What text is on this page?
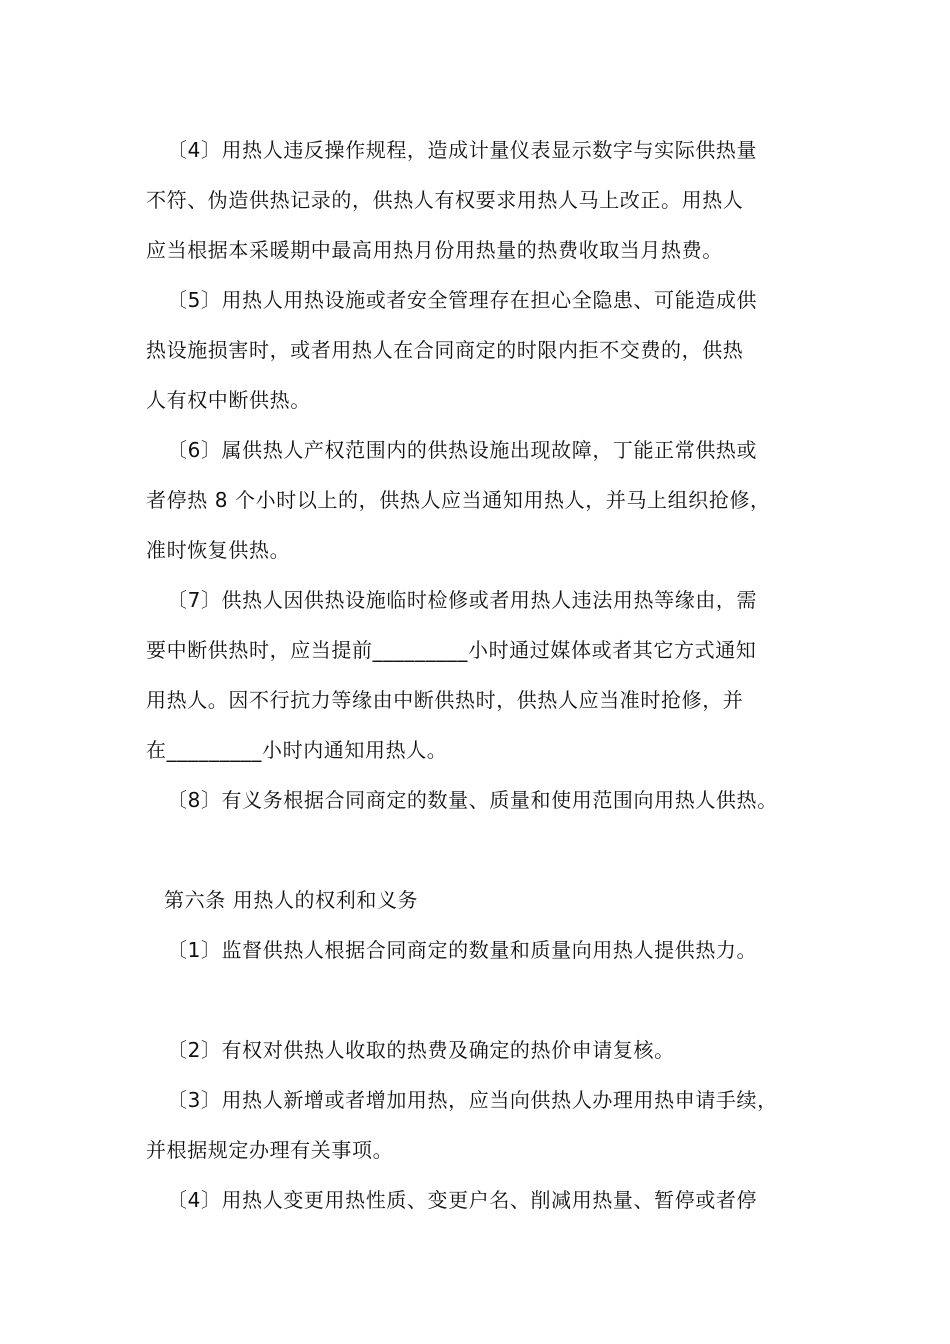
〔4〕用热人违反操作规程，造成计量仪表显示数字与实际供热量
不符、伪造供热记录的，供热人有权要求用热人马上改正。用热人
应当根据本采暖期中最高用热月份用热量的热费收取当月热费。
〔5〕用热人用热设施或者安全管理存在担心全隐患、可能造成供
热设施损害时，或者用热人在合同商定的时限内拒不交费的，供热
人有权中断供热。
〔6〕属供热人产权范围内的供热设施出现故障，丁能正常供热或
者停热 8 个小时以上的，供热人应当通知用热人，并马上组织抢修，
准时恢复供热。
〔7〕供热人因供热设施临时检修或者用热人违法用热等缘由，需
要中断供热时，应当提前_________小时通过媒体或者其它方式通知
用热人。因不行抗力等缘由中断供热时，供热人应当准时抢修，并
在_________小时内通知用热人。
〔8〕有义务根据合同商定的数量、质量和使用范围向用热人供热。
第六条 用热人的权利和义务
〔1〕监督供热人根据合同商定的数量和质量向用热人提供热力。
〔2〕有权对供热人收取的热费及确定的热价申请复核。
〔3〕用热人新增或者增加用热，应当向供热人办理用热申请手续，
并根据规定办理有关事项。
〔4〕用热人变更用热性质、变更户名、削减用热量、暂停或者停
